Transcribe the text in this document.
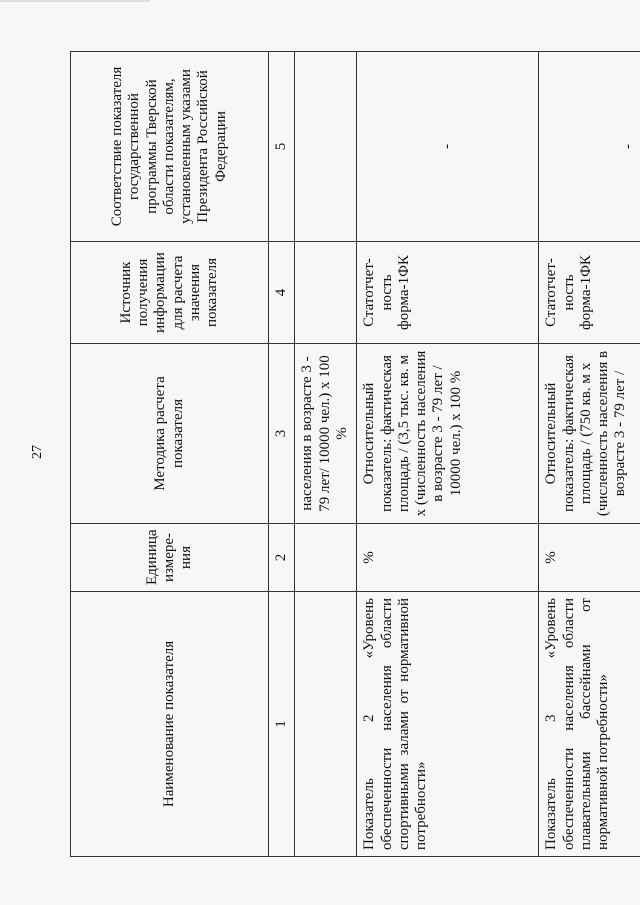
27
Наименование показателя	Единица измере-ния	Методика расчета показателя	Источник получения информации для расчета значения показателя	Соответствие показателя государственной программы Тверской области показателям, установленным указами Президента Российской Федерации
1	2	3	4	5
		населения в возрасте 3 - 79 лет/ 10000 чел.) х 100 %		
Показатель 2 «Уровень обеспеченности населения области спортивными залами от нормативной потребности»	%	Относительный показатель: фактическая площадь / (3,5 тыс. кв. м х (численность населения в возрасте 3 - 79 лет / 10000 чел.) х 100 %	Статотчет-ность форма-1ФК	-
Показатель 3 «Уровень обеспеченности населения области плавательными бассейнами от нормативной потребности»	%	Относительный показатель: фактическая площадь / (750 кв. м х (численность населения в возрасте 3 - 79 лет /	Статотчет-ность форма-1ФК	-
